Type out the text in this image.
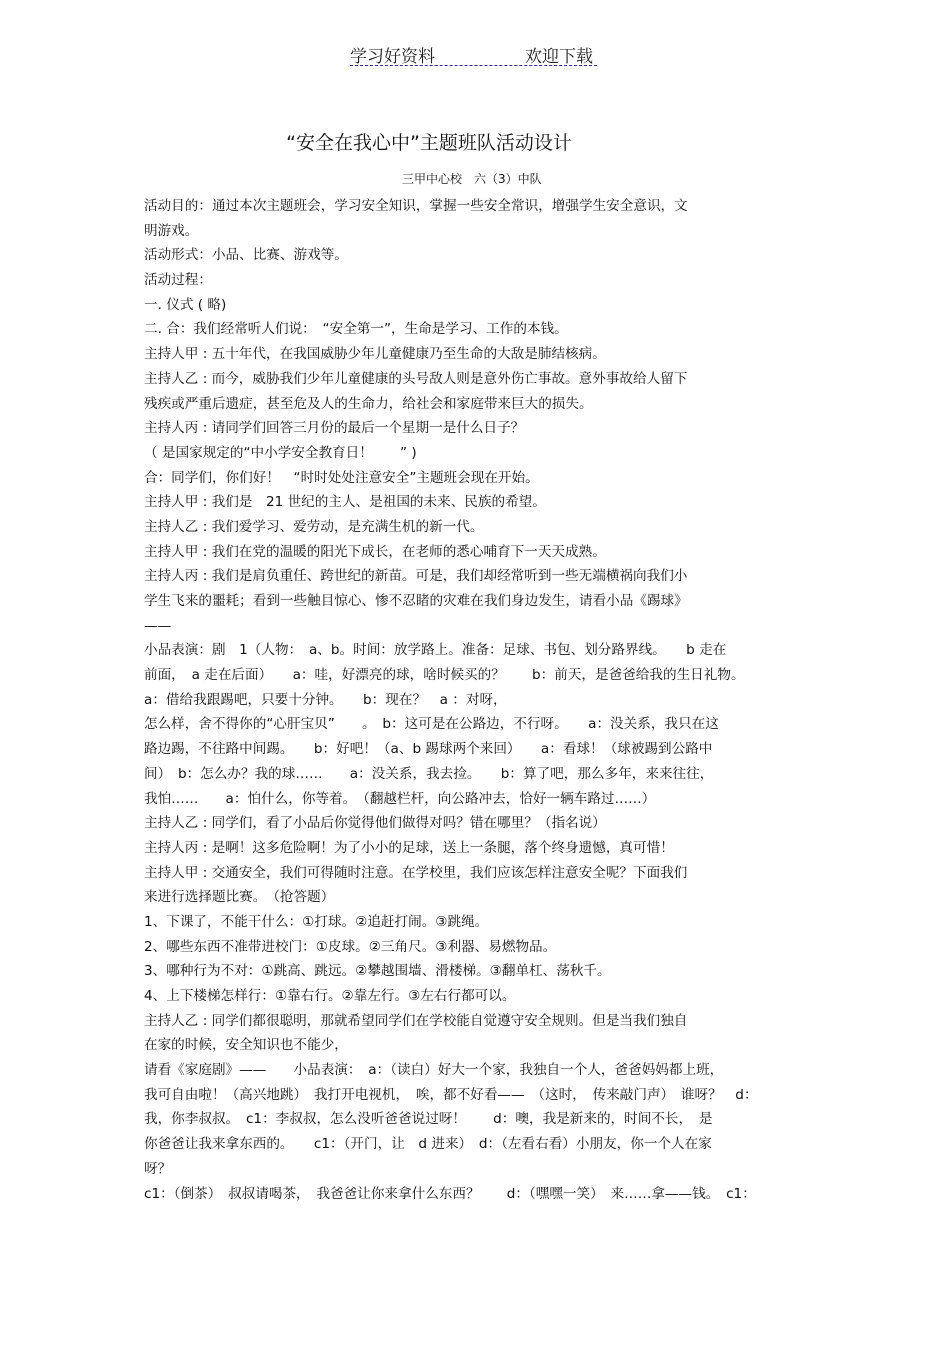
学习好资料	欢迎下载
“安全在我心中”主题班队活动设计
三甲中心校　六（3）中队
活动目的：通过本次主题班会，学习安全知识，掌握一些安全常识，增强学生安全意识，文
明游戏。
活动形式：小品、比赛、游戏等。
活动过程：
一. 仪式 ( 略)
二. 合：我们经常听人们说：　“安全第一”，生命是学习、工作的本钱。
主持人甲 : 五十年代，在我国威胁少年儿童健康乃至生命的大敌是肺结核病。
主持人乙 : 而今，威胁我们少年儿童健康的头号敌人则是意外伤亡事故。意外事故给人留下
残疾或严重后遗症，甚至危及人的生命力，给社会和家庭带来巨大的损失。
主持人丙 : 请同学们回答三月份的最后一个星期一是什么日子？
（ 是国家规定的“中小学安全教育日！　　” )
合：同学们，你们好！　“时时处处注意安全”主题班会现在开始。
主持人甲 : 我们是　21 世纪的主人、是祖国的未来、民族的希望。
主持人乙 : 我们爱学习、爱劳动，是充满生机的新一代。
主持人甲 : 我们在党的温暖的阳光下成长，在老师的悉心哺育下一天天成熟。
主持人丙 : 我们是肩负重任、跨世纪的新苗。可是，我们却经常听到一些无端横祸向我们小
学生飞来的噩耗；看到一些触目惊心、惨不忍睹的灾难在我们身边发生，请看小品《踢球》
——
小品表演：剧　1（人物：　a、b。时间：放学路上。准备：足球、书包、划分路界线。　　b 走在
前面，　a 走在后面）　　a：哇，好漂亮的球，啥时候买的？　　b：前天，是爸爸给我的生日礼物。
a：借给我跟踢吧，只要十分钟。　　b：现在？　a ：对呀，
怎么样，舍不得你的“心肝宝贝”　　。　b：这可是在公路边，不行呀。　　a：没关系，我只在这
路边踢，不往路中间踢。　　b：好吧！（a、b 踢球两个来回）　　a：看球！（球被踢到公路中
间）　b：怎么办？我的球……　　a：没关系，我去捡。　　b：算了吧，那么多年，来来往往，
我怕……　　a：怕什么，你等着。　（翻越栏杆，向公路冲去，恰好一辆车路过……）
主持人乙 : 同学们，看了小品后你觉得他们做得对吗？错在哪里？（指名说）
主持人丙 : 是啊！这多危险啊！为了小小的足球，送上一条腿，落个终身遗憾，真可惜！
主持人甲 : 交通安全，我们可得随时注意。在学校里，我们应该怎样注意安全呢？下面我们
来进行选择题比赛。　（抢答题）
1、下课了，不能干什么：①打球。②追赶打闹。③跳绳。
2、哪些东西不准带进校门：①皮球。②三角尺。③利器、易燃物品。
3、哪种行为不对：①跳高、跳远。②攀越围墙、滑楼梯。③翻单杠、荡秋千。
4、上下楼梯怎样行：①靠右行。②靠左行。③左右行都可以。
主持人乙 : 同学们都很聪明，那就希望同学们在学校能自觉遵守安全规则。但是当我们独自
在家的时候，安全知识也不能少，
请看《家庭剧》——　　小品表演：　a：（读白）好大一个家，我独自一个人，爸爸妈妈都上班，
我可自由啦！（高兴地跳）　我打开电视机，　唉，都不好看——　（这时，　传来敲门声）　谁呀？　d：
我，你李叔叔。　c1：李叔叔，怎么没听爸爸说过呀！　　d：噢，我是新来的，时间不长，　是
你爸爸让我来拿东西的。　　c1：（开门，让　d 进来）　d：（左看右看）小朋友，你一个人在家
呀？
c1：（倒茶）　叔叔请喝茶，　我爸爸让你来拿什么东西？　　d：（嘿嘿一笑）　来……拿——钱。　c1：
